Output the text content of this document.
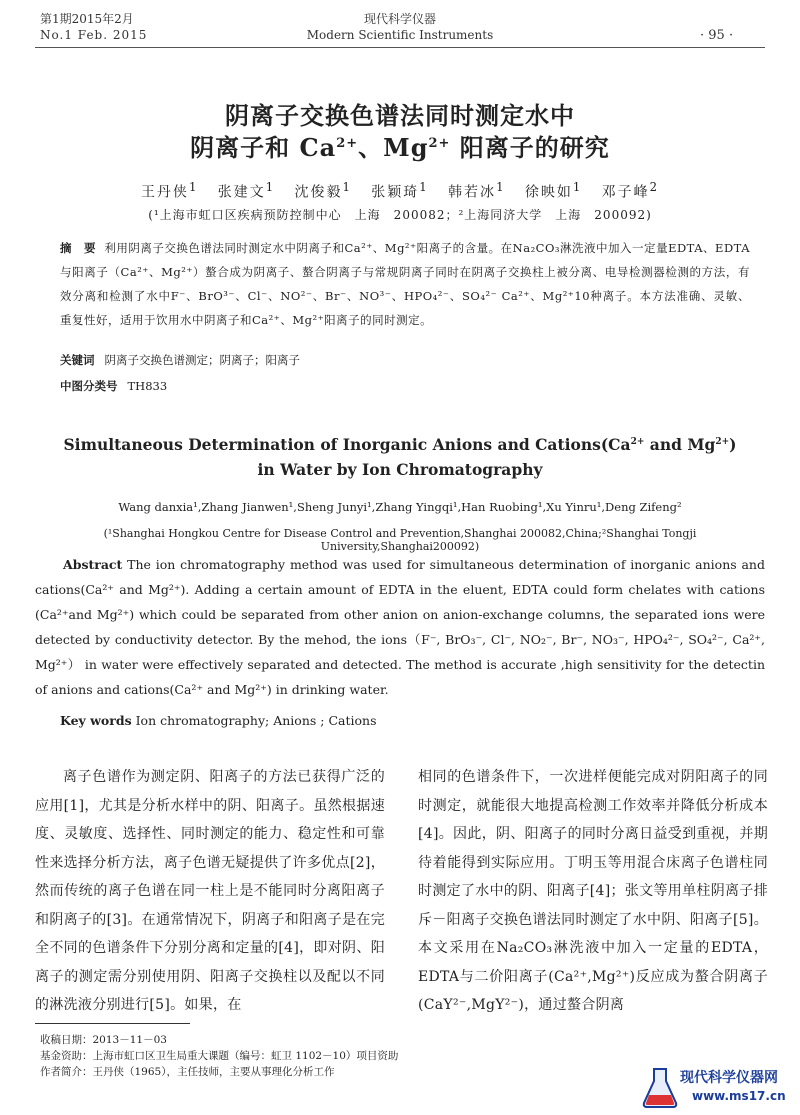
第1期2015年2月
No.1 Feb. 2015
现代科学仪器
Modern Scientific Instruments	· 95 ·
阴离子交换色谱法同时测定水中
阴离子和 $Ca^{2+}$、$Mg^{2+}$ 阳离子的研究
王丹侠$^1$ 张建文$^1$ 沈俊毅$^1$ 张颖琦$^1$ 韩若冰$^1$ 徐映如$^1$ 邓子峰$^2$
(¹上海市虹口区疾病预防控制中心　上海　200082；²上海同济大学　上海　200092)
摘　要 利用阴离子交换色谱法同时测定水中阴离子和Ca²⁺、Mg²⁺阳离子的含量。在Na₂CO₃淋洗液中加入一定量EDTA、EDTA与阳离子（Ca²⁺、Mg²⁺）螯合成为阴离子、螯合阴离子与常规阴离子同时在阴离子交换柱上被分离、电导检测器检测的方法，有效分离和检测了水中F⁻、BrO³⁻、Cl⁻、NO²⁻、Br⁻、NO³⁻、HPO₄²⁻、SO₄²⁻ Ca²⁺、Mg²⁺10种离子。本方法准确、灵敏、重复性好，适用于饮用水中阴离子和Ca²⁺、Mg²⁺阳离子的同时测定。
关键词 阴离子交换色谱测定；阴离子；阳离子
中图分类号 TH833
Simultaneous Determination of Inorganic Anions and $Cations(Ca^{2+}$ and $Mg^{2+}$)
in Water by Ion Chromatography
Wang danxia¹,Zhang Jianwen¹,Sheng Junyi¹,Zhang Yingqi¹,Han Ruobing¹,Xu Yinru¹,Deng Zifeng²
(¹Shanghai Hongkou Centre for Disease Control and Prevention,Shanghai 200082,China;²Shanghai Tongji University,Shanghai200092)
Abstract The ion chromatography method was used for simultaneous determination of inorganic anions and cations(Ca²⁺ and Mg²⁺). Adding a certain amount of EDTA in the eluent, EDTA could form chelates with cations (Ca²⁺and Mg²⁺) which could be separated from other anion on anion-exchange columns, the separated ions were detected by conductivity detector. By the mehod, the ions（F⁻, BrO₃⁻, Cl⁻, NO₂⁻, Br⁻, NO₃⁻, HPO₄²⁻, SO₄²⁻, Ca²⁺, Mg²⁺） in water were effectively separated and detected. The method is accurate ,high sensitivity for the detectin of anions and cations(Ca²⁺ and Mg²⁺) in drinking water.
Key words Ion chromatography; Anions ; Cations
离子色谱作为测定阴、阳离子的方法已获得广泛的应用[1]，尤其是分析水样中的阴、阳离子。虽然根据速度、灵敏度、选择性、同时测定的能力、稳定性和可靠性来选择分析方法，离子色谱无疑提供了许多优点[2]，然而传统的离子色谱在同一柱上是不能同时分离阳离子和阴离子的[3]。在通常情况下，阴离子和阳离子是在完全不同的色谱条件下分别分离和定量的[4]，即对阴、阳离子的测定需分别使用阴、阳离子交换柱以及配以不同的淋洗液分别进行[5]。如果，在
相同的色谱条件下，一次进样便能完成对阴阳离子的同时测定，就能很大地提高检测工作效率并降低分析成本[4]。因此，阴、阳离子的同时分离日益受到重视，并期待着能得到实际应用。丁明玉等用混合床离子色谱柱同时测定了水中的阴、阳离子[4]；张文等用单柱阴离子排斥－阳离子交换色谱法同时测定了水中阴、阳离子[5]。本文采用在Na₂CO₃淋洗液中加入一定量的EDTA，EDTA与二价阳离子(Ca²⁺,Mg²⁺)反应成为螯合阴离子(CaY²⁻,MgY²⁻)，通过螯合阴离
收稿日期：2013－11－03
基金资助：上海市虹口区卫生局重大课题（编号：虹卫 1102－10）项目资助
作者简介：王丹侠（1965），主任技师，主要从事理化分析工作	现代科学仪器网
www.ms17.cn
